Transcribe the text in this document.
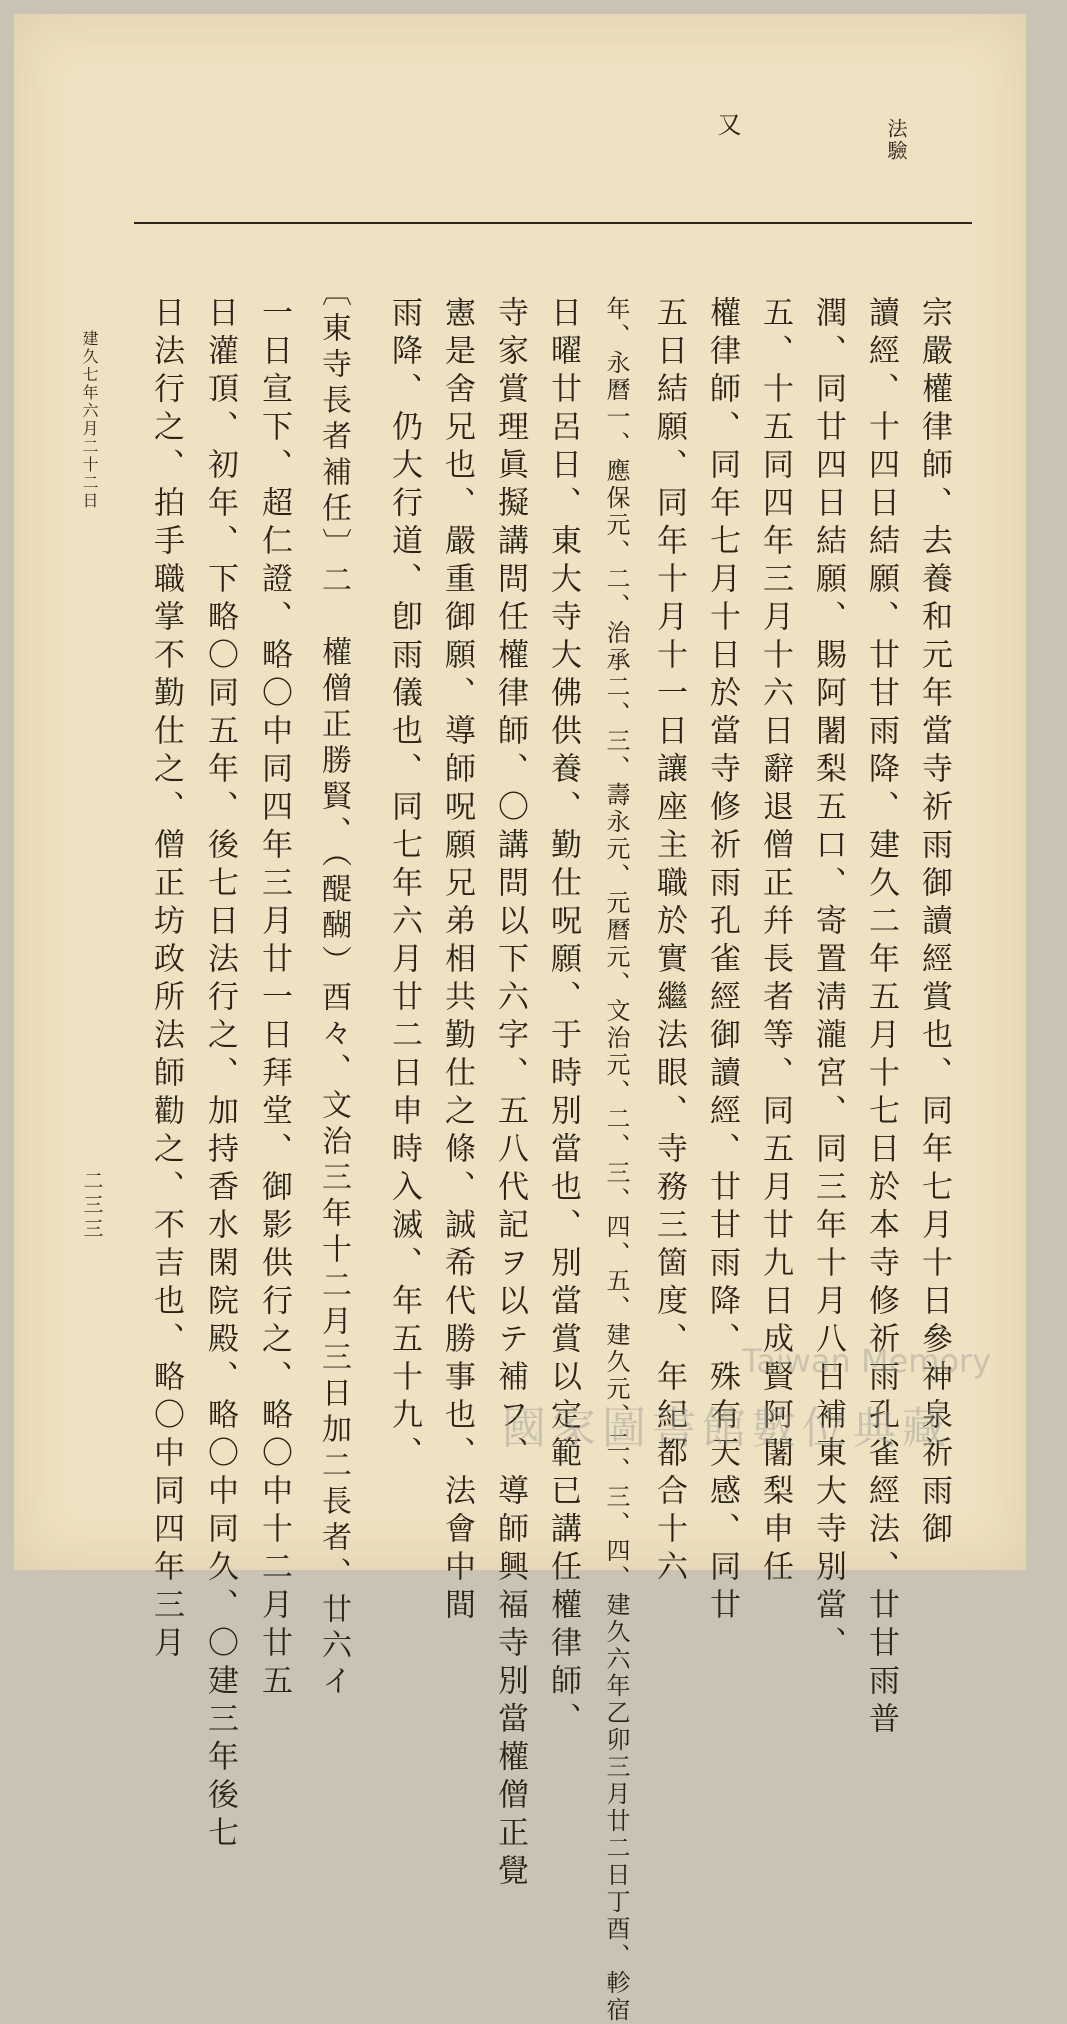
法驗
又
宗嚴權律師、去養和元年當寺祈雨御讀經賞也、同年七月十日參神泉祈雨御
讀經、十四日結願、廿甘雨降、建久二年五月十七日於本寺修祈雨孔雀經法、廿甘雨普
潤、同廿四日結願、賜阿闍梨五口、寄置淸瀧宮、同三年十月八日補東大寺別當、
五、十五同四年三月十六日辭退僧正幷長者等、同五月廿九日成賢阿闍梨申任
權律師、同年七月十日於當寺修祈雨孔雀經御讀經、廿甘雨降、殊有天感、同廿
五日結願、同年十月十一日讓座主職於實繼法眼、寺務三箇度、年紀都合十六
年、永曆一、應保元、二、治承二、三、壽永元、元曆元、文治元、二、三、四、五、建久元、二、三、四、建久六年乙卯三月廿二日丁酉、軫宿
日曜廿呂日、東大寺大佛供養、勤仕呪願、于時別當也、別當賞以定範已講任權律師、
寺家賞理眞擬講問任權律師、〇講問以下六字、五八代記ヲ以テ補フ、導師興福寺別當權僧正覺
憲是舍兄也、嚴重御願、導師呪願兄弟相共勤仕之條、誠希代勝事也、法會中間
雨降、仍大行道、卽雨儀也、同七年六月廿二日申時入滅、年五十九、
〔東寺長者補任〕二　權僧正勝賢、（醍醐）酉々、文治三年十二月三日加二長者、廿六イ
一日宣下、超仁證、略〇中同四年三月廿一日拜堂、御影供行之、略〇中十二月廿五
日灌頂、初年、下略〇同五年、後七日法行之、加持香水閑院殿、略〇中同久、〇建三年後七
日法行之、拍手職掌不勤仕之、僧正坊政所法師勸之、不吉也、略〇中同四年三月
建久七年六月二十二日
二三三
Taiwan Memory
國家圖書館數位典藏
